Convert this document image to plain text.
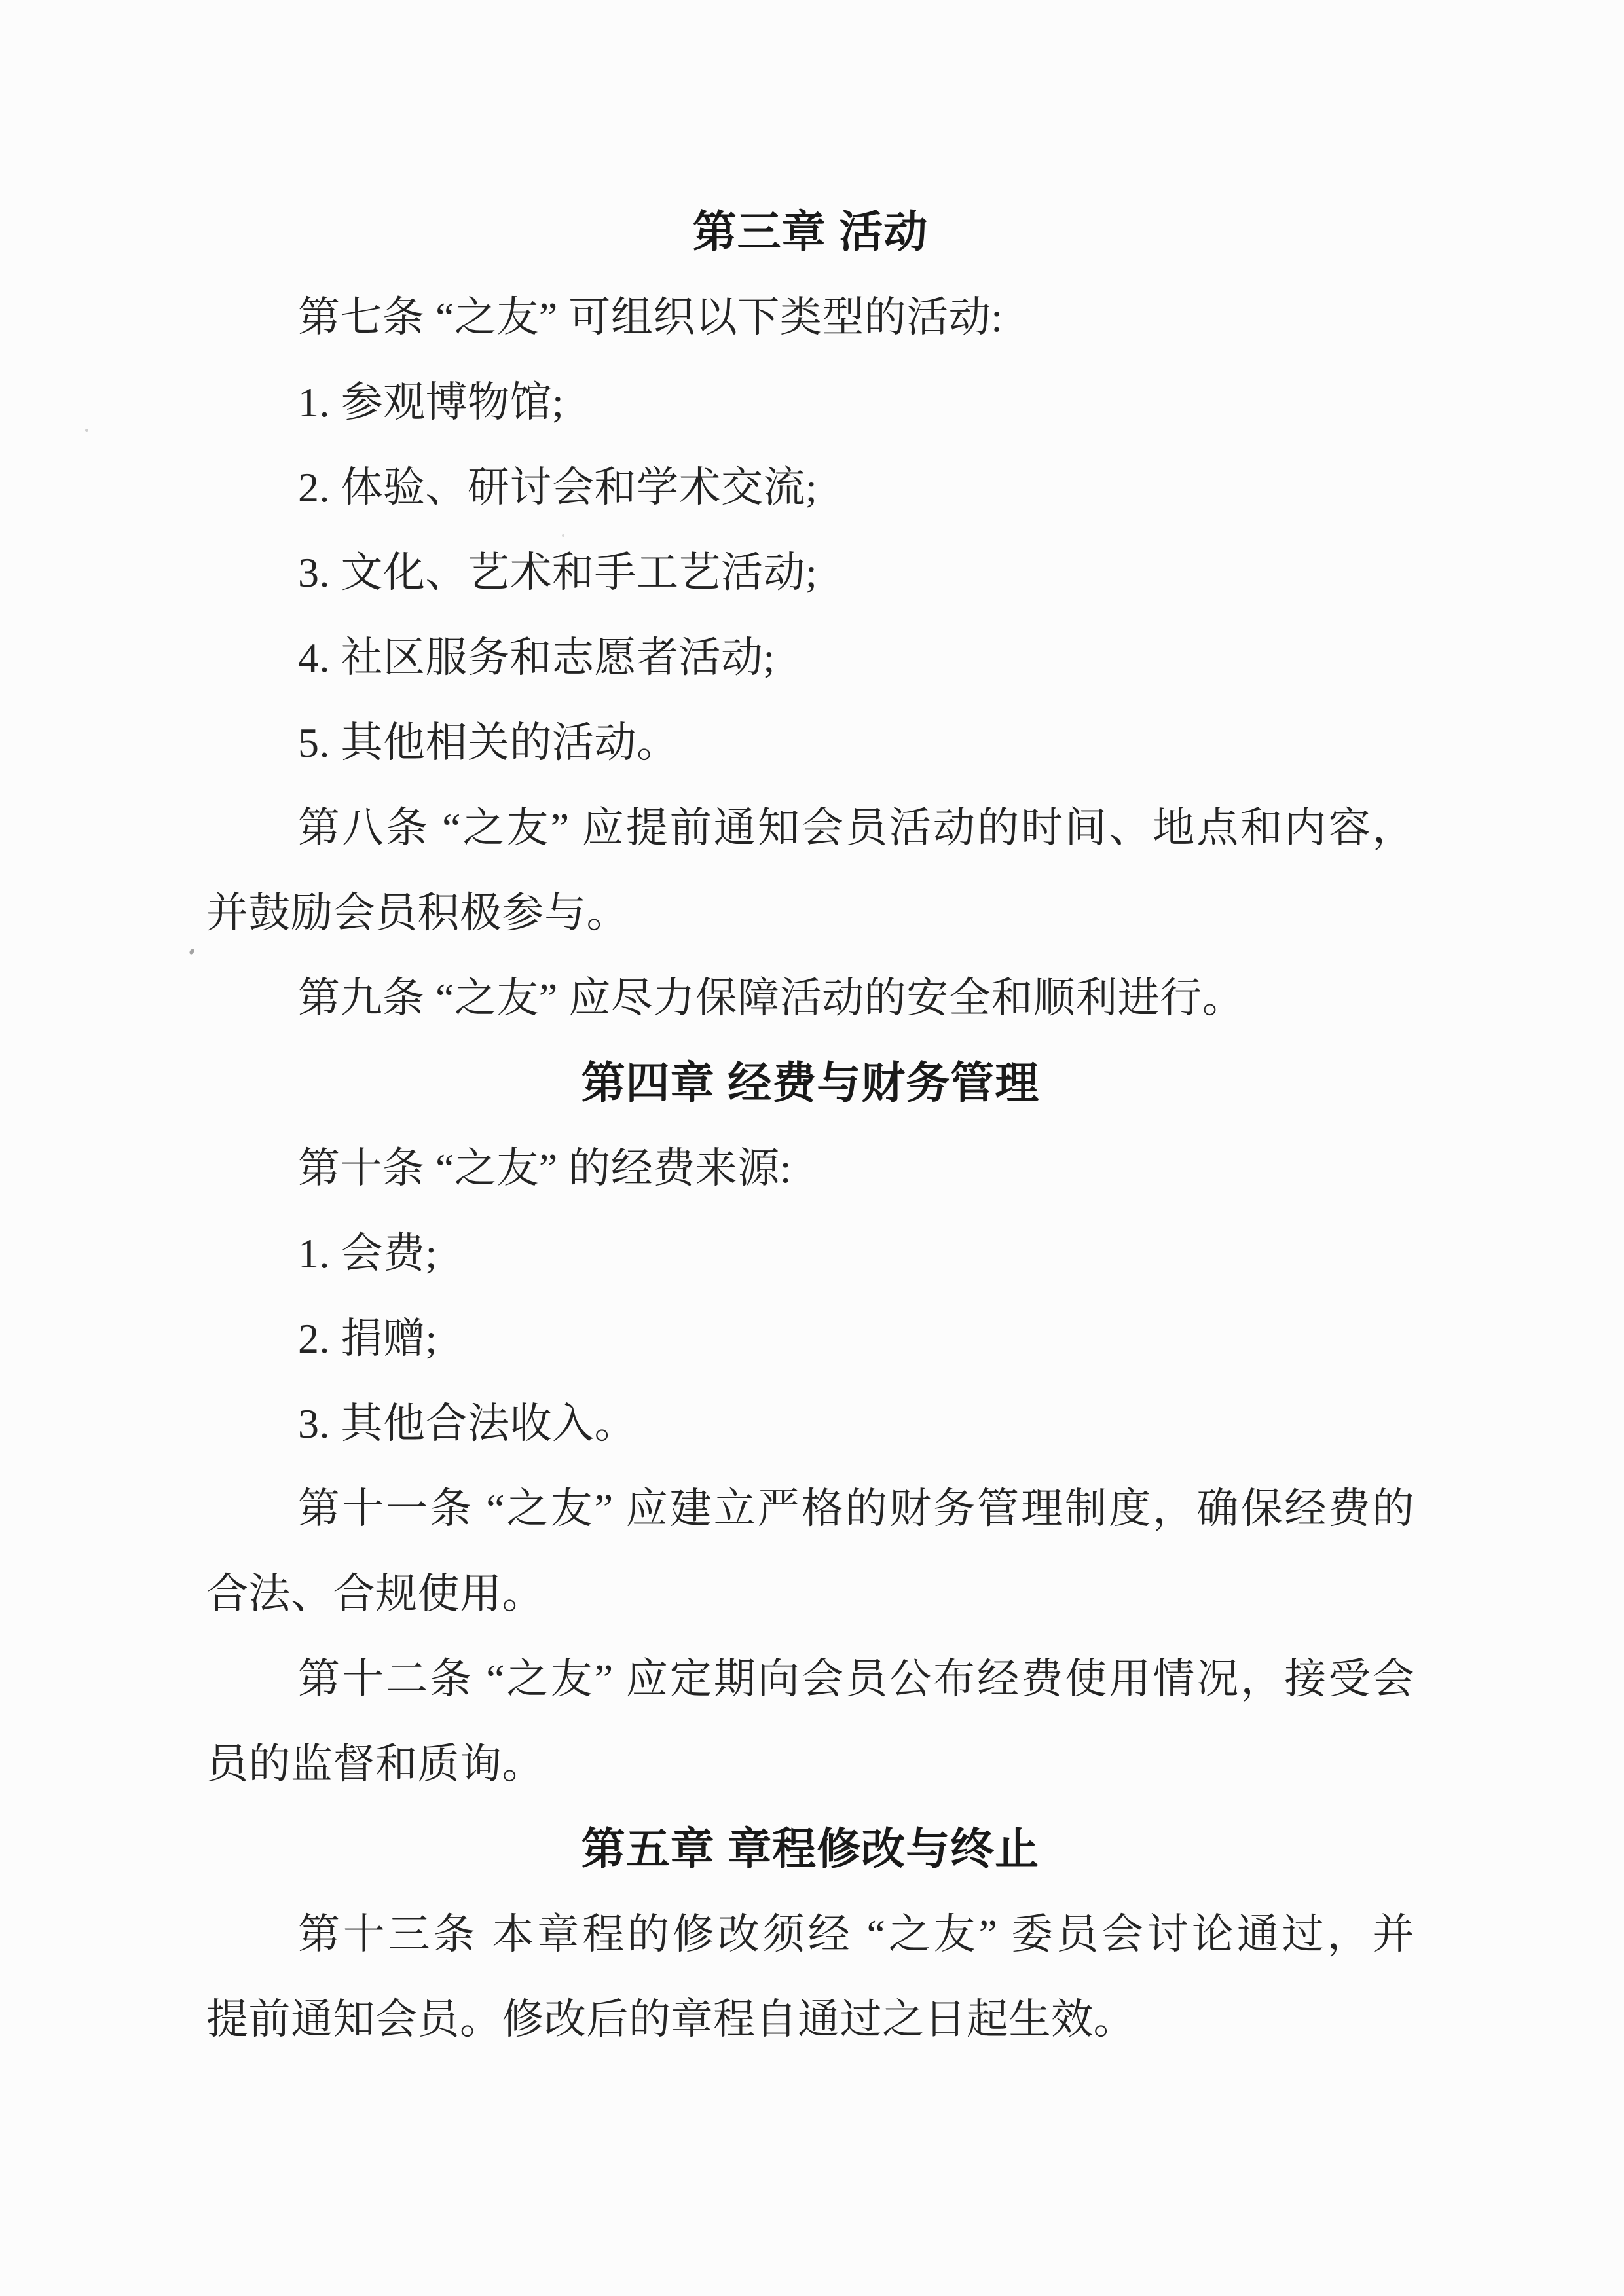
第三章 活动
第七条 “之友” 可组织以下类型的活动:
1. 参观博物馆;
2. 体验、研讨会和学术交流;
3. 文化、艺术和手工艺活动;
4. 社区服务和志愿者活动;
5. 其他相关的活动。
第八条 “之友” 应提前通知会员活动的时间、地点和内容，
并鼓励会员积极参与。
第九条 “之友” 应尽力保障活动的安全和顺利进行。
第四章 经费与财务管理
第十条 “之友” 的经费来源:
1. 会费;
2. 捐赠;
3. 其他合法收入。
第十一条 “之友” 应建立严格的财务管理制度，确保经费的
合法、合规使用。
第十二条 “之友” 应定期向会员公布经费使用情况，接受会
员的监督和质询。
第五章 章程修改与终止
第十三条 本章程的修改须经 “之友” 委员会讨论通过，并
提前通知会员。修改后的章程自通过之日起生效。
